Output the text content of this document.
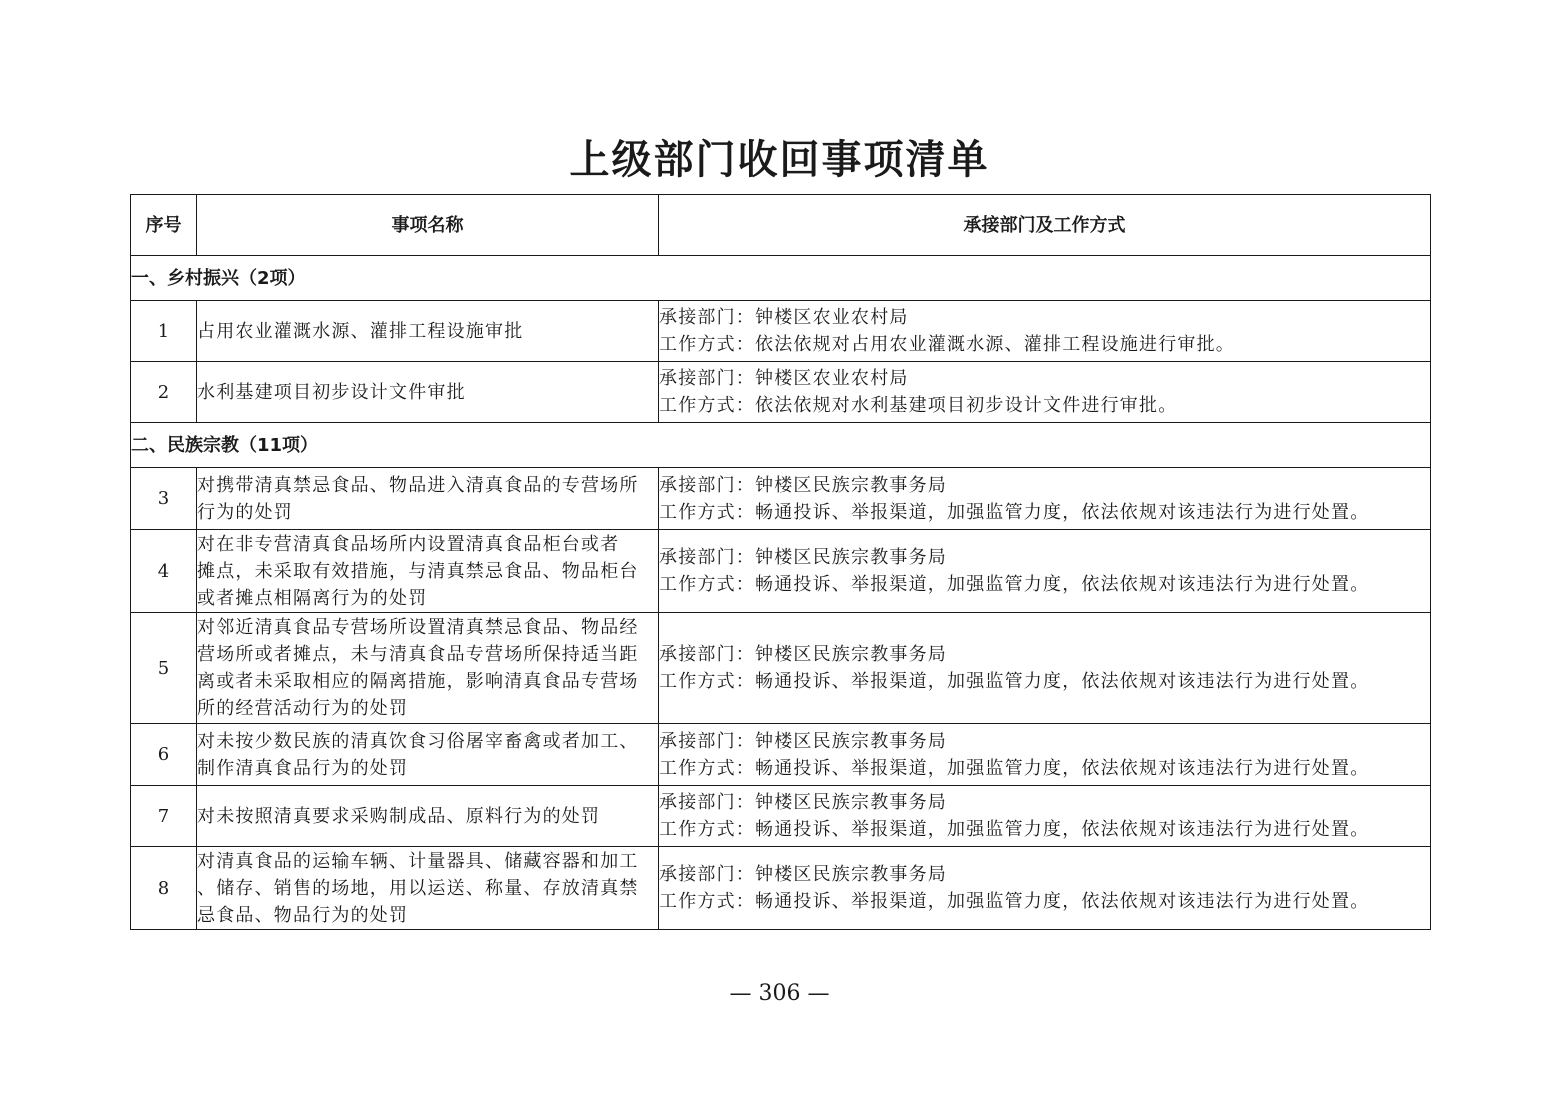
上级部门收回事项清单
序号	事项名称	承接部门及工作方式
一、乡村振兴（2项）		
1	占用农业灌溉水源、灌排工程设施审批	承接部门：钟楼区农业农村局
工作方式：依法依规对占用农业灌溉水源、灌排工程设施进行审批。

2	水利基建项目初步设计文件审批	承接部门：钟楼区农业农村局
工作方式：依法依规对水利基建项目初步设计文件进行审批。

二、民族宗教（11项）		
3	对携带清真禁忌食品、物品进入清真食品的专营场所
行为的处罚	承接部门：钟楼区民族宗教事务局
工作方式：畅通投诉、举报渠道，加强监管力度，依法依规对该违法行为进行处置。

4	对在非专营清真食品场所内设置清真食品柜台或者
摊点，未采取有效措施，与清真禁忌食品、物品柜台
或者摊点相隔离行为的处罚	承接部门：钟楼区民族宗教事务局
工作方式：畅通投诉、举报渠道，加强监管力度，依法依规对该违法行为进行处置。

5	对邻近清真食品专营场所设置清真禁忌食品、物品经
营场所或者摊点，未与清真食品专营场所保持适当距
离或者未采取相应的隔离措施，影响清真食品专营场
所的经营活动行为的处罚	承接部门：钟楼区民族宗教事务局
工作方式：畅通投诉、举报渠道，加强监管力度，依法依规对该违法行为进行处置。

6	对未按少数民族的清真饮食习俗屠宰畜禽或者加工、
制作清真食品行为的处罚	承接部门：钟楼区民族宗教事务局
工作方式：畅通投诉、举报渠道，加强监管力度，依法依规对该违法行为进行处置。

7	对未按照清真要求采购制成品、原料行为的处罚	承接部门：钟楼区民族宗教事务局
工作方式：畅通投诉、举报渠道，加强监管力度，依法依规对该违法行为进行处置。

8	对清真食品的运输车辆、计量器具、储藏容器和加工
、储存、销售的场地，用以运送、称量、存放清真禁
忌食品、物品行为的处罚	承接部门：钟楼区民族宗教事务局
工作方式：畅通投诉、举报渠道，加强监管力度，依法依规对该违法行为进行处置。
— 306 —
